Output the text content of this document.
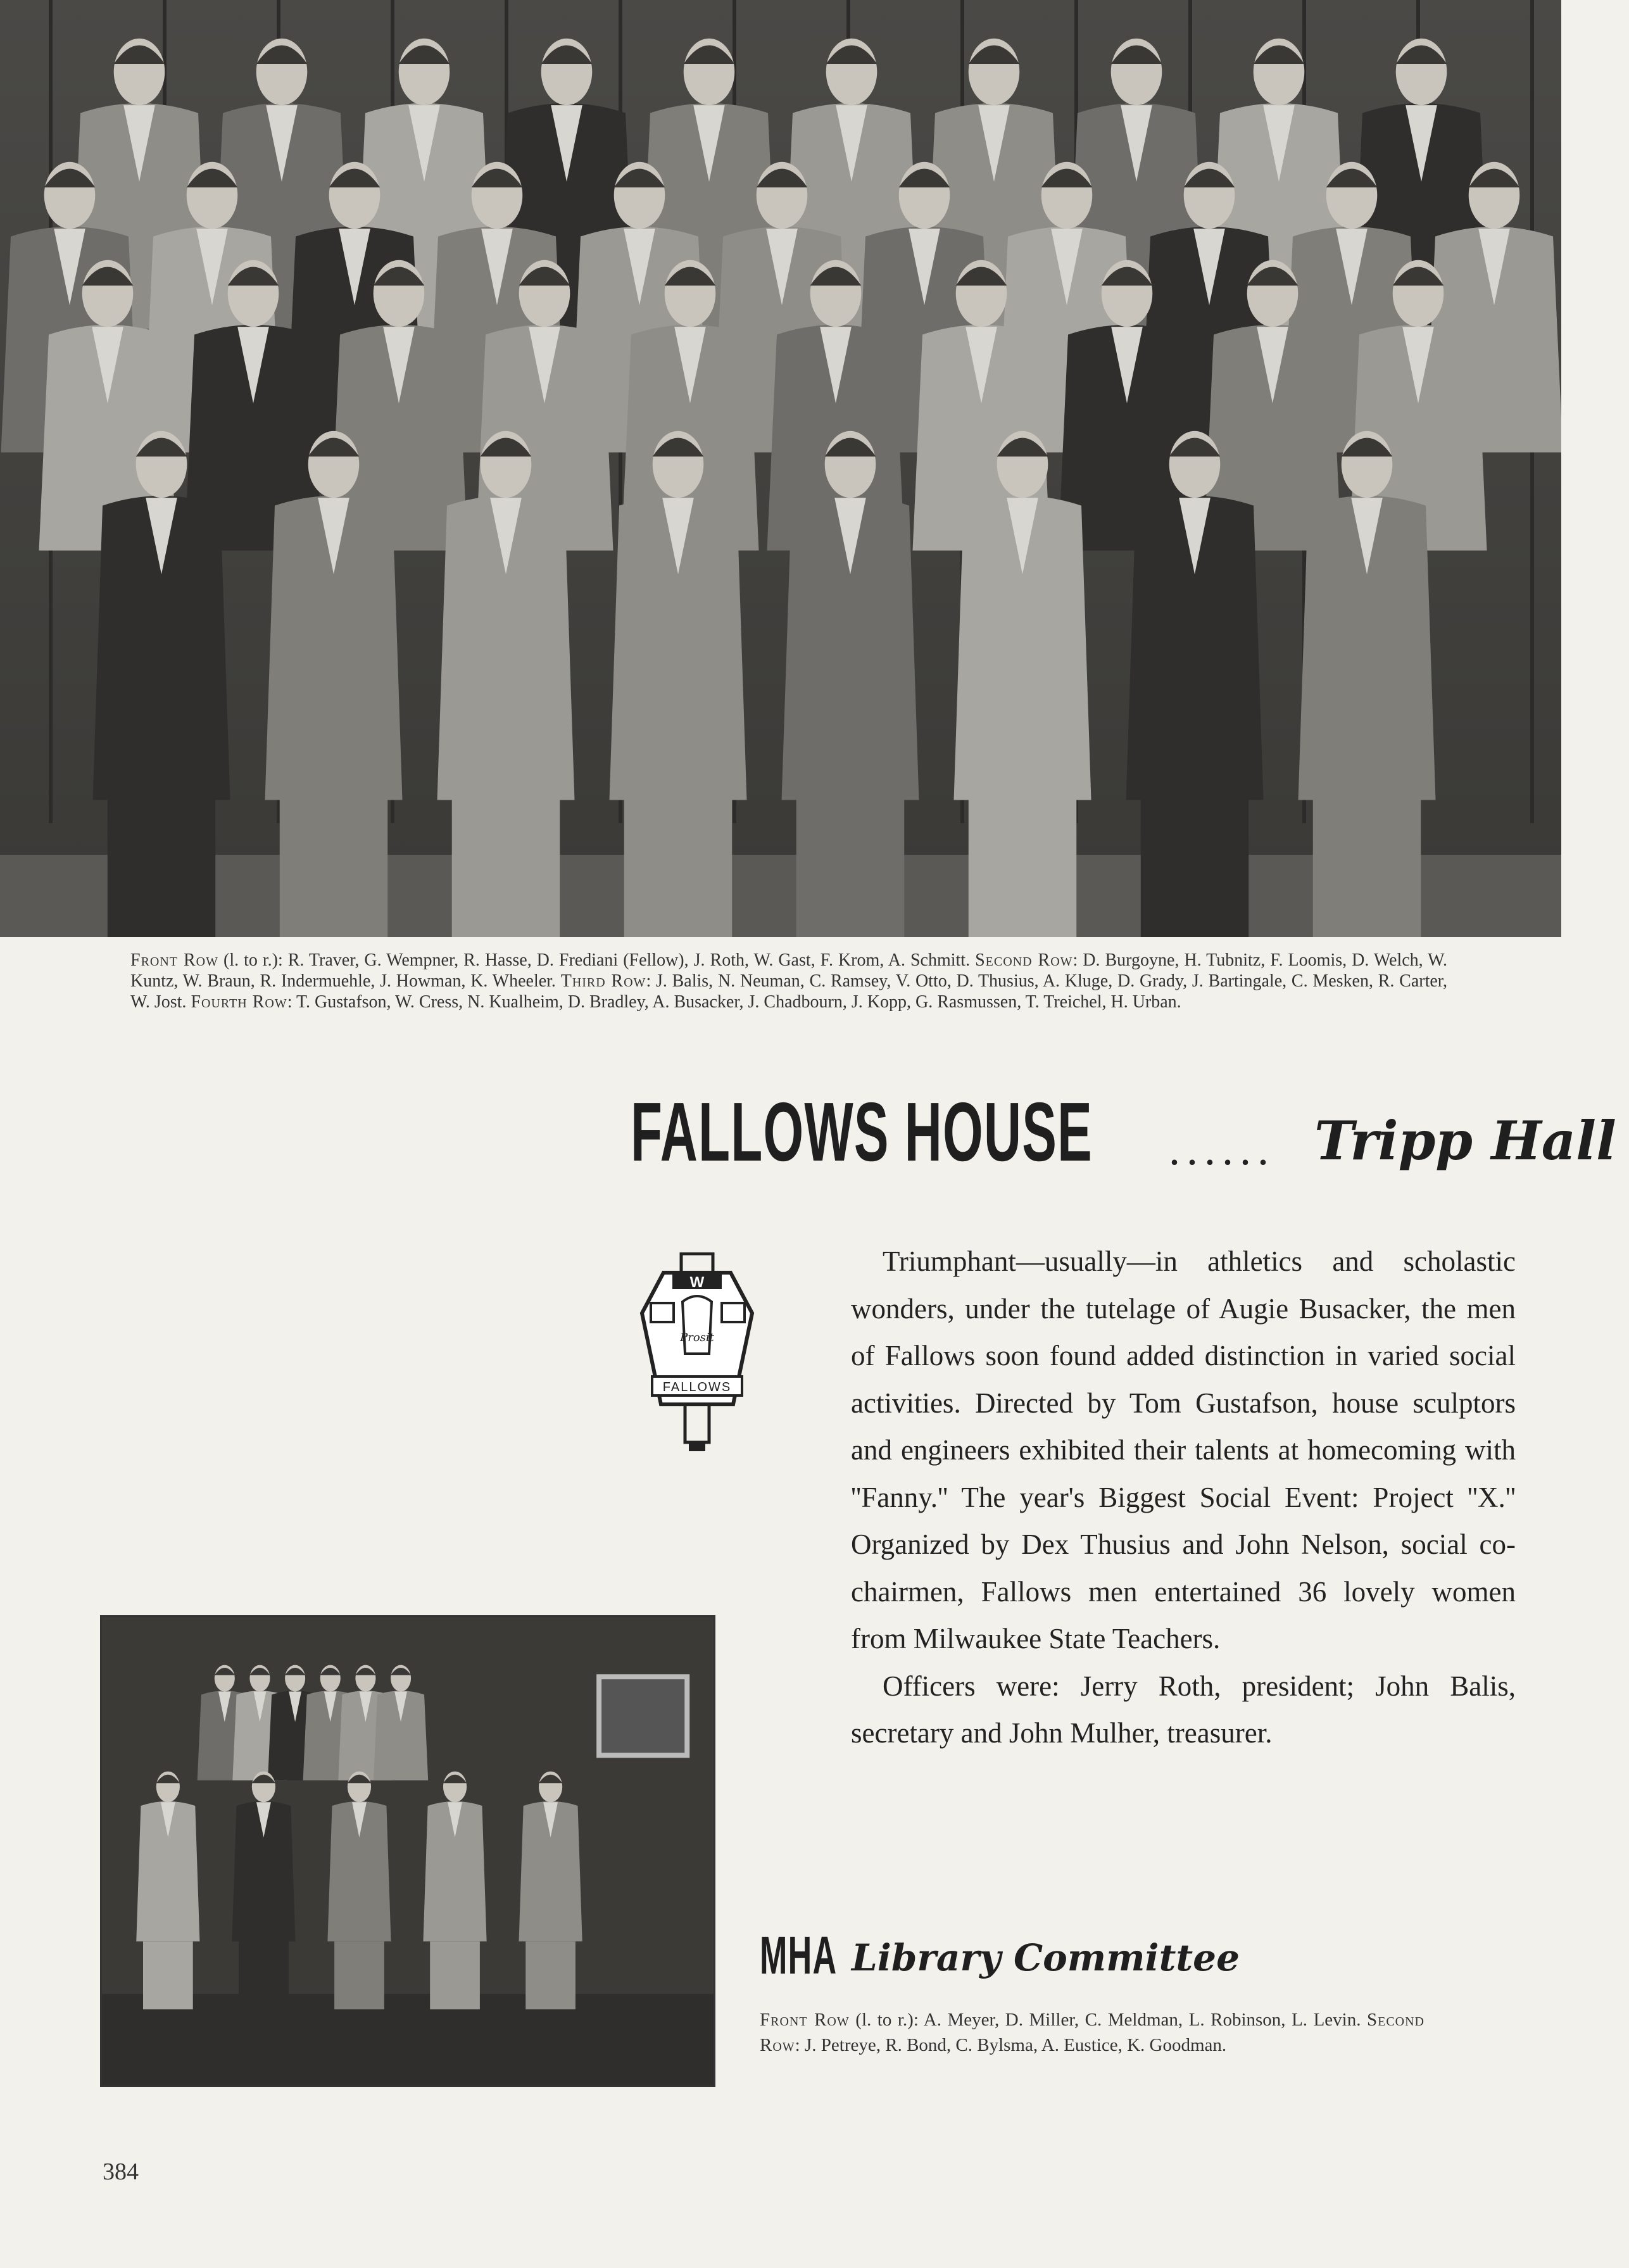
Front Row (l. to r.): R. Traver, G. Wempner, R. Hasse, D. Frediani (Fellow), J. Roth, W. Gast, F. Krom, A. Schmitt. Second Row: D. Burgoyne, H. Tubnitz, F. Loomis, D. Welch, W. Kuntz, W. Braun, R. Indermuehle, J. Howman, K. Wheeler. Third Row: J. Balis, N. Neuman, C. Ramsey, V. Otto, D. Thusius, A. Kluge, D. Grady, J. Bartingale, C. Mesken, R. Carter, W. Jost. Fourth Row: T. Gustafson, W. Cress, N. Kualheim, D. Bradley, A. Busacker, J. Chadbourn, J. Kopp, G. Rasmussen, T. Treichel, H. Urban.
FALLOWS HOUSE ...... Tripp Hall
W
Prosit
FALLOWS

Triumphant—usually—in athletics and scholastic wonders, under the tutelage of Augie Busacker, the men of Fallows soon found added distinction in varied social activities. Directed by Tom Gustafson, house sculptors and engineers exhibited their talents at homecoming with ''Fanny.'' The year's Biggest Social Event: Project ''X.'' Organized by Dex Thusius and John Nelson, social co-chairmen, Fallows men entertained 36 lovely women from Milwaukee State Teachers.

Officers were: Jerry Roth, president; John Balis, secretary and John Mulher, treasurer.

MHA Library Committee
Front Row (l. to r.): A. Meyer, D. Miller, C. Meldman, L. Robinson, L. Levin. Second Row: J. Petreye, R. Bond, C. Bylsma, A. Eustice, K. Goodman.
384
